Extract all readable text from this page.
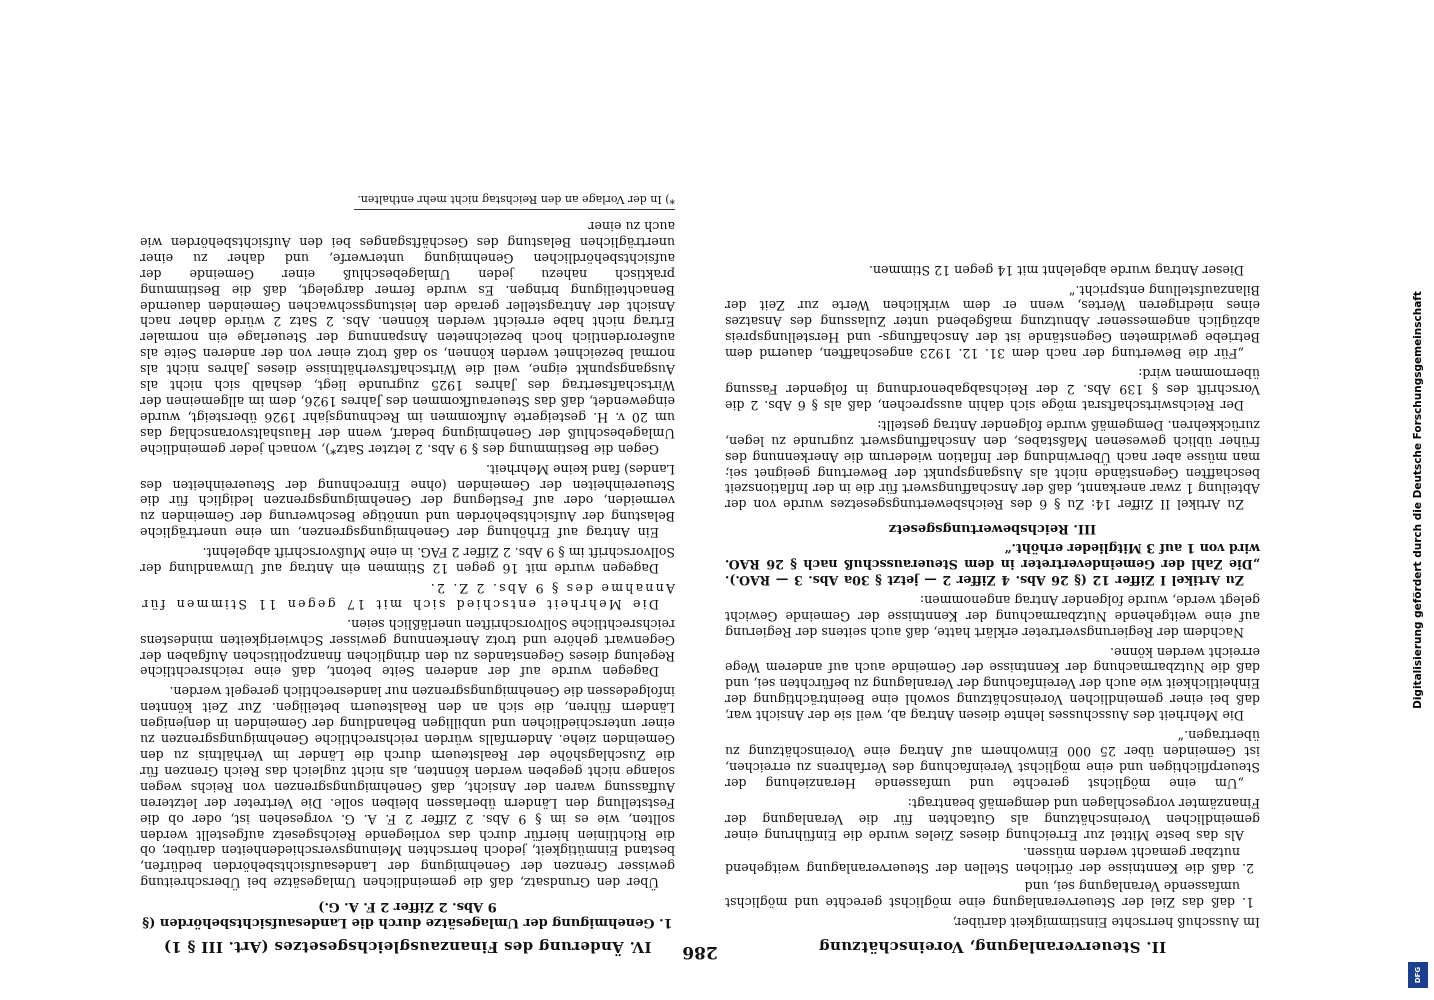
286	II. Steuerveranlagung, Voreinschätzung

Im Ausschuß herrschte Einstimmigkeit darüber,

1. daß das Ziel der Steuerveranlagung eine möglichst gerechte und möglichst umfassende Veranlagung sei, und
2. daß die Kenntnisse der örtlichen Stellen der Steuerveranlagung weitgehend nutzbar gemacht werden müssen.

Als das beste Mittel zur Erreichung dieses Zieles wurde die Einführung einer gemeindlichen Voreinschätzung als Gutachten für die Veranlagung der Finanzämter vorgeschlagen und demgemäß beantragt:

„Um eine möglichst gerechte und umfassende Heranziehung der Steuerpflichtigen und eine möglichst Vereinfachung des Verfahrens zu erreichen, ist Gemeinden über 25 000 Einwohnern auf Antrag eine Voreinschätzung zu übertragen.“

Die Mehrheit des Ausschusses lehnte diesen Antrag ab, weil sie der Ansicht war, daß bei einer gemeindlichen Voreinschätzung sowohl eine Beeinträchtigung der Einheitlichkeit wie auch der Vereinfachung der Veranlagung zu befürchten sei, und daß die Nutzbarmachung der Kenntnisse der Gemeinde auch auf anderem Wege erreicht werden könne.

Nachdem der Regierungsvertreter erklärt hatte, daß auch seitens der Regierung auf eine weitgehende Nutzbarmachung der Kenntnisse der Gemeinde Gewicht gelegt werde, wurde folgender Antrag angenommen:

Zu Artikel I Ziffer 12 (§ 26 Abs. 4 Ziffer 2 — jetzt § 30a Abs. 3 — RAO.). „Die Zahl der Gemeindevertreter in dem Steuerausschuß nach § 26 RAO. wird von 1 auf 3 Mitglieder erhöht.“

III. Reichsbewertungsgesetz

Zu Artikel II Ziffer 14: Zu § 6 des Reichsbewertungsgesetzes wurde von der Abteilung 1 zwar anerkannt, daß der Anschaffungswert für die in der Inflationszeit beschafften Gegenstände nicht als Ausgangspunkt der Bewertung geeignet sei; man müsse aber nach Überwindung der Inflation wiederum die Anerkennung des früher üblich gewesenen Maßstabes, den Anschaffungswert zugrunde zu legen, zurückkehren. Demgemäß wurde folgender Antrag gestellt:

Der Reichswirtschaftsrat möge sich dahin aussprechen, daß als § 6 Abs. 2 die Vorschrift des § 139 Abs. 2 der Reichsabgabenordnung in folgender Fassung übernommen wird:

„Für die Bewertung der nach dem 31. 12. 1923 angeschafften, dauernd dem Betriebe gewidmeten Gegenstände ist der Anschaffungs- und Herstellungspreis abzüglich angemessener Abnutzung maßgebend unter Zulassung des Ansatzes eines niedrigeren Wertes, wenn er dem wirklichen Werte zur Zeit der Bilanzaufstellung entspricht.“

Dieser Antrag wurde abgelehnt mit 14 gegen 12 Stimmen.

IV. Änderung des Finanzausgleichsgesetzes (Art. III § 1)
1. Genehmigung der Umlagesätze durch die Landesaufsichtsbehörden (§ 9 Abs. 2 Ziffer 2 F. A. G.)

Über den Grundsatz, daß die gemeindlichen Umlagesätze bei Überschreitung gewisser Grenzen der Genehmigung der Landesaufsichtsbehörden bedürfen, bestand Einmütigkeit, jedoch herrschten Meinungsverschiedenheiten darüber, ob die Richtlinien hierfür durch das vorliegende Reichsgesetz aufgestellt werden sollten, wie es im § 9 Abs. 2 Ziffer 2 F. A. G. vorgesehen ist, oder ob die Feststellung den Ländern überlassen bleiben solle. Die Vertreter der letzteren Auffassung waren der Ansicht, daß Genehmigungsgrenzen von Reichs wegen solange nicht gegeben werden könnten, als nicht zugleich das Reich Grenzen für die Zuschlagshöhe der Realsteuern durch die Länder im Verhältnis zu den Gemeinden ziehe. Andernfalls würden reichsrechtliche Genehmigungsgrenzen zu einer unterschiedlichen und unbilligen Behandlung der Gemeinden in denjenigen Ländern führen, die sich an den Realsteuern beteiligen. Zur Zeit könnten infolgedessen die Genehmigungsgrenzen nur landesrechtlich geregelt werden.

Dagegen wurde auf der anderen Seite betont, daß eine reichsrechtliche Regelung dieses Gegenstandes zu den dringlichen finanzpolitischen Aufgaben der Gegenwart gehöre und trotz Anerkennung gewisser Schwierigkeiten mindestens reichsrechtliche Sollvorschriften unerläßlich seien.

Die Mehrheit entschied sich mit 17 gegen 11 Stimmen für Annahme des § 9 Abs. 2 Z. 2.

Dagegen wurde mit 16 gegen 12 Stimmen ein Antrag auf Umwandlung der Sollvorschrift im § 9 Abs. 2 Ziffer 2 FAG. in eine Mußvorschrift abgelehnt.

Ein Antrag auf Erhöhung der Genehmigungsgrenzen, um eine unerträgliche Belastung der Aufsichtsbehörden und unnötige Beschwerung der Gemeinden zu vermeiden, oder auf Festlegung der Genehmigungsgrenzen lediglich für die Steuereinheiten der Gemeinden (ohne Einrechnung der Steuereinheiten des Landes) fand keine Mehrheit.

Gegen die Bestimmung des § 9 Abs. 2 letzter Satz*), wonach jeder gemeindliche Umlagebeschluß der Genehmigung bedarf, wenn der Haushaltsvoranschlag das um 20 v. H. gesteigerte Aufkommen im Rechnungsjahr 1926 übersteigt, wurde eingewendet, daß das Steueraufkommen des Jahres 1926, dem im allgemeinen der Wirtschaftsertrag des Jahres 1925 zugrunde liegt, deshalb sich nicht als Ausgangspunkt eigne, weil die Wirtschaftsverhältnisse dieses Jahres nicht als normal bezeichnet werden können, so daß trotz einer von der anderen Seite als außerordentlich hoch bezeichneten Anspannung der Steuerlage ein normaler Ertrag nicht habe erreicht werden können. Abs. 2 Satz 2 würde daher nach Ansicht der Antragsteller gerade den leistungsschwachen Gemeinden dauernde Benachteiligung bringen. Es wurde ferner dargelegt, daß die Bestimmung praktisch nahezu jeden Umlagebeschluß einer Gemeinde der aufsichtsbehördlichen Genehmigung unterwerfe, und daher zu einer unerträglichen Belastung des Geschäftsganges bei den Aufsichtsbehörden wie auch zu einer

*) In der Vorlage an den Reichstag nicht mehr enthalten.

Digitalisierung gefördert durch die Deutsche Forschungsgemeinschaft
DFG
